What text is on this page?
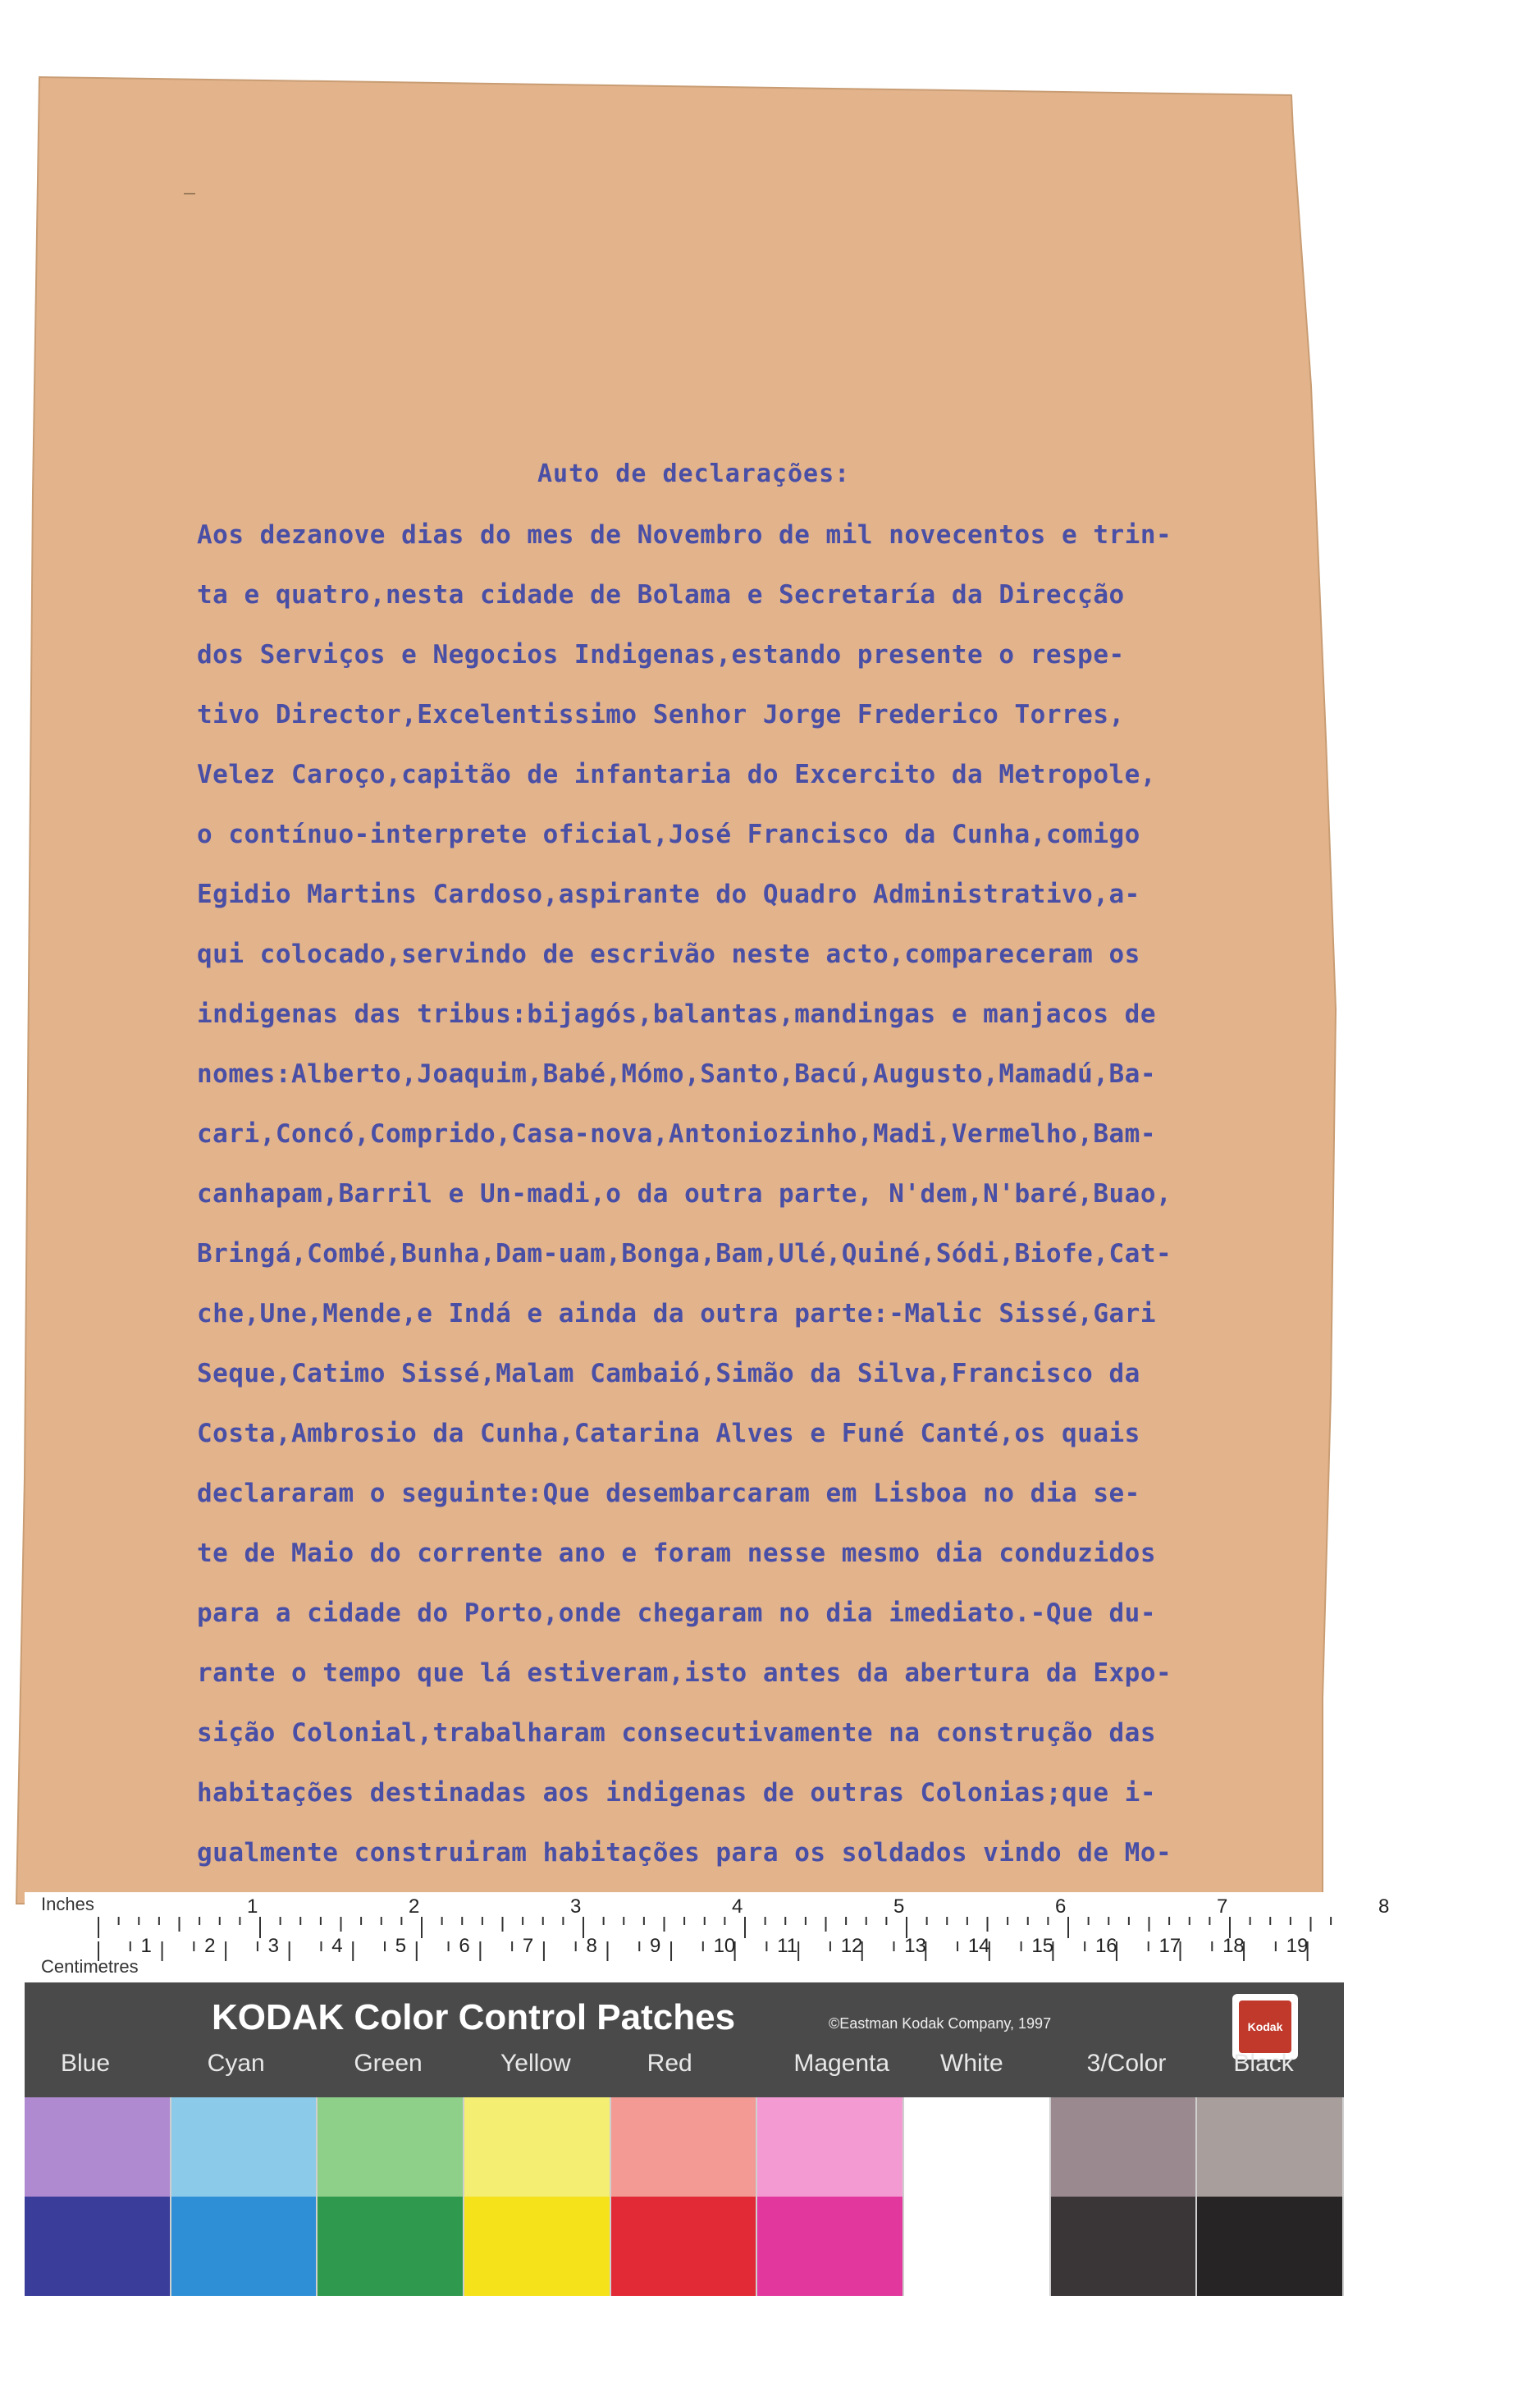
Auto de declarações:
Aos dezanove dias do mes de Novembro de mil novecentos e trin-
ta e quatro,nesta cidade de Bolama e Secretaría da Direcção
dos Serviços e Negocios Indigenas,estando presente o respe-
tivo Director,Excelentissimo Senhor Jorge Frederico Torres,
Velez Caroço,capitão de infantaria do Excercito da Metropole,
o contínuo-interprete oficial,José Francisco da Cunha,comigo
Egidio Martins Cardoso,aspirante do Quadro Administrativo,a-
qui colocado,servindo de escrivão neste acto,compareceram os
indigenas das tribus:bijagós,balantas,mandingas e manjacos de
nomes:Alberto,Joaquim,Babé,Mómo,Santo,Bacú,Augusto,Mamadú,Ba-
cari,Concó,Comprido,Casa-nova,Antoniozinho,Madi,Vermelho,Bam-
canhapam,Barril e Un-madi,o da outra parte, N'dem,N'baré,Buao,
Bringá,Combé,Bunha,Dam-uam,Bonga,Bam,Ulé,Quiné,Sódi,Biofe,Cat-
che,Une,Mende,e Indá e ainda da outra parte:-Malic Sissé,Gari
Seque,Catimo Sissé,Malam Cambaió,Simão da Silva,Francisco da
Costa,Ambrosio da Cunha,Catarina Alves e Funé Canté,os quais
declararam o seguinte:Que desembarcaram em Lisboa no dia se-
te de Maio do corrente ano e foram nesse mesmo dia conduzidos
para a cidade do Porto,onde chegaram no dia imediato.-Que du-
rante o tempo que lá estiveram,isto antes da abertura da Expo-
sição Colonial,trabalharam consecutivamente na construção das
habitações destinadas aos indigenas de outras Colonias;que i-
gualmente construiram habitações para os soldados vindo de Mo-
Inches
Centimetres
1	2	3	4	5	6	7	8
1	2	3	4	5	6	7	8	9	10 11 12 13 14 15 16 17 18 19
KODAK Color Control Patches	©Eastman Kodak Company, 1997	Kodak
Blue	Cyan	Green	Yellow	Red	Magenta White	3/Color	Black
